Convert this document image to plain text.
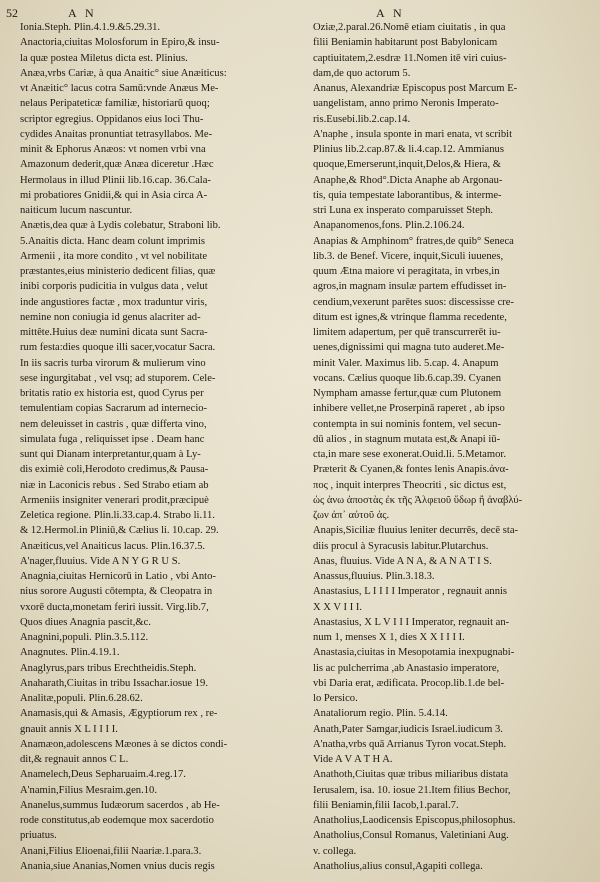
52	A N	A N
Ionia.Steph. Plin.4.1.9.&5.29.31.
Anactoria,ciuitas Molosforum in Epiro,& insu-
la quæ postea Miletus dicta est. Plinius.
Anæa,vrbs Cariæ, à qua Anaitic° siue Anæiticus:
vt Anæitic° lacus cotra Samū:vnde Anæus Me-
nelaus Peripateticæ familiæ, historiarū quoq;
scriptor egregius. Oppidanos eius loci Thu-
cydides Anaitas pronuntiat tetrasyllabos. Me-
minit & Ephorus Anæos: vt nomen vrbi vna
Amazonum dederit,quæ Anæa diceretur .Hæc
Hermolaus in illud Plinii lib.16.cap. 36.Cala-
mi probatiores Gnidii,& qui in Asia circa A-
naiticum lucum nascuntur.
Anætis,dea quæ à Lydis colebatur, Straboni lib.
5.Anaitis dicta. Hanc deam colunt imprimis
Armenii , ita more condito , vt vel nobilitate
præstantes,eius ministerio dedicent filias, quæ
inibi corporis pudicitia in vulgus data , velut
inde angustiores factæ , mox traduntur viris,
nemine non coniugia id genus alacriter ad-
mittête.Huius deæ numini dicata sunt Sacra-
rum festa:dies quoque illi sacer,vocatur Sacra.
In iis sacris turba virorum & mulierum vino
sese ingurgitabat , vel vsq; ad stuporem. Cele-
britatis ratio ex historia est, quod Cyrus per
temulentiam copias Sacrarum ad internecio-
nem deleuisset in castris , quæ differta vino,
simulata fuga , reliquisset ipse . Deam hanc
sunt qui Dianam interpretantur,quam à Ly-
dis eximiè coli,Herodoto credimus,& Pausa-
niæ in Laconicis rebus . Sed Strabo etiam ab
Armeniis insigniter venerari prodit,præcipuè
Zeletica regione. Plin.li.33.cap.4. Strabo li.11.
& 12.Hermol.in Pliniū,& Cælius li. 10.cap. 29.
Anæiticus,vel Anaiticus lacus. Plin.16.37.5.
A'nager,fluuius. Vide A N Y G R U S.
Anagnia,ciuitas Hernicorū in Latio , vbi Anto-
nius sorore Augusti cōtempta, & Cleopatra in
vxorē ducta,monetam feriri iussit. Virg.lib.7,
Quos diues Anagnia pascit,&c.
Anagnini,populi. Plin.3.5.112.
Anagnutes. Plin.4.19.1.
Anaglyrus,pars tribus Erechtheidis.Steph.
Anaharath,Ciuitas in tribu Issachar.iosue 19.
Analitæ,populi. Plin.6.28.62.
Anamasis,qui & Amasis, Ægyptiorum rex , re-
gnauit annis X L I I I I.
Anamæon,adolescens Mæones à se dictos condi-
dit,& regnauit annos C L.
Anamelech,Deus Sepharuaim.4.reg.17.
A'namin,Filius Mesraim.gen.10.
Ananelus,summus Iudæorum sacerdos , ab He-
rode constitutus,ab eodemque mox sacerdotio
priuatus.
Anani,Filius Elioenai,filii Naariæ.1.para.3.
Anania,siue Ananias,Nomen vnius ducis regis
Oziæ,2.paral.26.Nomē etiam ciuitatis , in qua
filii Beniamin habitarunt post Babylonicam
captiuitatem,2.esdræ 11.Nomen itē viri cuius-
dam,de quo actorum 5.
Ananus, Alexandriæ Episcopus post Marcum E-
uangelistam, anno primo Neronis Imperato-
ris.Eusebi.lib.2.cap.14.
A'naphe , insula sponte in mari enata, vt scribit
Plinius lib.2.cap.87.& li.4.cap.12. Ammianus
quoque,Emerserunt,inquit,Delos,& Hiera, &
Anaphe,& Rhod°.Dicta Anaphe ab Argonau-
tis, quia tempestate laborantibus, & interme-
stri Luna ex insperato comparuisset Steph.
Anapanomenos,fons. Plin.2.106.24.
Anapias & Amphinom° fratres,de quib° Seneca
lib.3. de Benef. Vicere, inquit,Siculi iuuenes,
quum Ætna maiore vi peragitata, in vrbes,in
agros,in magnam insulæ partem effudisset in-
cendium,vexerunt parētes suos: discessisse cre-
ditum est ignes,& vtrinque flamma recedente,
limitem adapertum, per quē transcurrerēt iu-
uenes,dignissimi qui magna tuto auderet.Me-
minit Valer. Maximus lib. 5.cap. 4. Anapum
vocans. Cælius quoque lib.6.cap.39. Cyanen
Nympham amasse fertur,quæ cum Plutonem
inhibere vellet,ne Proserpinā raperet , ab ipso
contempta in sui nominis fontem, vel secun-
dū alios , in stagnum mutata est,& Anapi iū-
cta,in mare sese exonerat.Ouid.li. 5.Metamor.
Præterit & Cyanen,& fontes lenis Anapis.ἀνα-
πος , inquit interpres Theocriti , sic dictus est,
ὡς ἀνω ἀποστὰς ἐκ τῆς Ἀλφειοῦ ὕδωρ ἢ ἀναβλύ-
ζων ἀπ᾽ αὐτοῦ ἀς.
Anapis,Siciliæ fluuius leniter decurrēs, decē sta-
diis procul à Syracusis labitur.Plutarchus.
Anas, fluuius. Vide A N A, & A N A T I S.
Anassus,fluuius. Plin.3.18.3.
Anastasius, L I I I I Imperator , regnauit annis
X X V I I I.
Anastasius, X L V I I I Imperator, regnauit an-
num 1, menses X 1, dies X X I I I I.
Anastasia,ciuitas in Mesopotamia inexpugnabi-
lis ac pulcherrima ,ab Anastasio imperatore,
vbi Daria erat, ædificata. Procop.lib.1.de bel-
lo Persico.
Anataliorum regio. Plin. 5.4.14.
Anath,Pater Samgar,iudicis Israel.iudicum 3.
A'natha,vrbs quā Arrianus Tyron vocat.Steph.
Vide A V A T H A.
Anathoth,Ciuitas quæ tribus miliaribus distata
Ierusalem, isa. 10. iosue 21.Item filius Bechor,
filii Beniamin,filii Iacob,1.paral.7.
Anatholius,Laodicensis Episcopus,philosophus.
Anatholius,Consul Romanus, Valetiniani Aug.
v. collega.
Anatholius,alius consul,Agapiti collega.
